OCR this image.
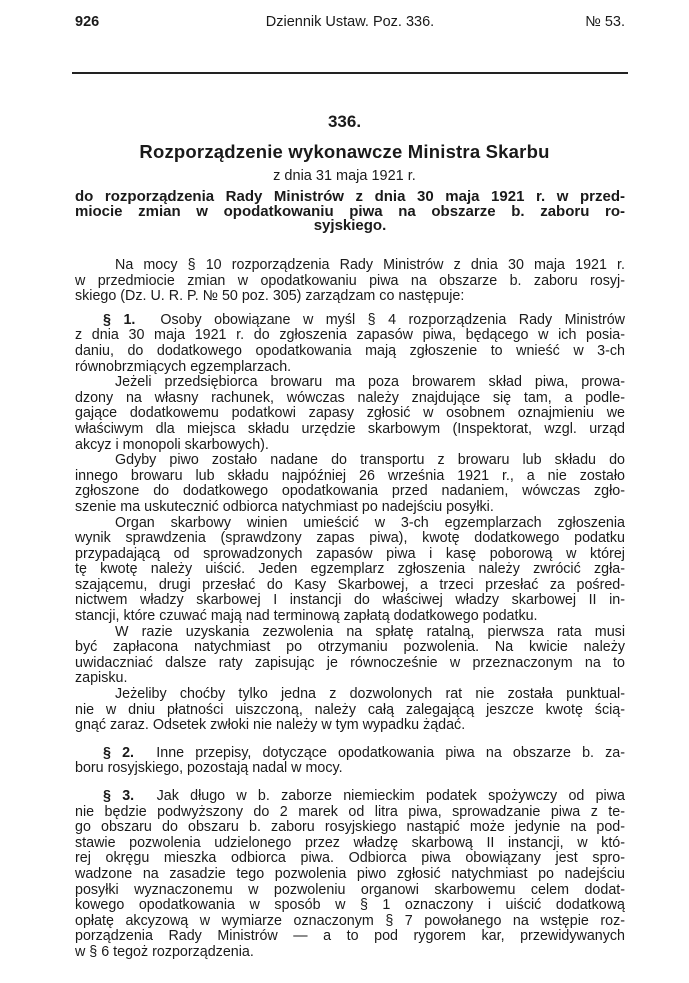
926	Dziennik Ustaw. Poz. 336.	№ 53.
336.
Rozporządzenie wykonawcze Ministra Skarbu
z dnia 31 maja 1921 r.
do rozporządzenia Rady Ministrów z dnia 30 maja 1921 r. w przed-
miocie zmian w opodatkowaniu piwa na obszarze b. zaboru ro-
syjskiego.
Na mocy § 10 rozporządzenia Rady Ministrów z dnia 30 maja 1921 r.
w przedmiocie zmian w opodatkowaniu piwa na obszarze b. zaboru rosyj-
skiego (Dz. U. R. P. № 50 poz. 305) zarządzam co następuje:
§ 1.  Osoby obowiązane w myśl § 4 rozporządzenia Rady Ministrów
z dnia 30 maja 1921 r. do zgłoszenia zapasów piwa, będącego w ich posia-
daniu, do dodatkowego opodatkowania mają zgłoszenie to wnieść w 3-ch
równobrzmiących egzemplarzach.
Jeżeli przedsiębiorca browaru ma poza browarem skład piwa, prowa-
dzony na własny rachunek, wówczas należy znajdujące się tam, a podle-
gające dodatkowemu podatkowi zapasy zgłosić w osobnem oznajmieniu we
właściwym dla miejsca składu urzędzie skarbowym (Inspektorat, wzgl. urząd
akcyz i monopoli skarbowych).
Gdyby piwo zostało nadane do transportu z browaru lub składu do
innego browaru lub składu najpóźniej 26 września 1921 r., a nie zostało
zgłoszone do dodatkowego opodatkowania przed nadaniem, wówczas zgło-
szenie ma uskutecznić odbiorca natychmiast po nadejściu posyłki.
Organ skarbowy winien umieścić w 3-ch egzemplarzach zgłoszenia
wynik sprawdzenia (sprawdzony zapas piwa), kwotę dodatkowego podatku
przypadającą od sprowadzonych zapasów piwa i kasę poborową w której
tę kwotę należy uiścić. Jeden egzemplarz zgłoszenia należy zwrócić zgła-
szającemu, drugi przesłać do Kasy Skarbowej, a trzeci przesłać za pośred-
nictwem władzy skarbowej I instancji do właściwej władzy skarbowej II in-
stancji, które czuwać mają nad terminową zapłatą dodatkowego podatku.
W razie uzyskania zezwolenia na spłatę ratalną, pierwsza rata musi
być zapłacona natychmiast po otrzymaniu pozwolenia. Na kwicie należy
uwidaczniać dalsze raty zapisując je równocześnie w przeznaczonym na to
zapisku.
Jeżeliby choćby tylko jedna z dozwolonych rat nie została punktual-
nie w dniu płatności uiszczoną, należy całą zalegającą jeszcze kwotę ścią-
gnąć zaraz. Odsetek zwłoki nie należy w tym wypadku żądać.
§ 2.  Inne przepisy, dotyczące opodatkowania piwa na obszarze b. za-
boru rosyjskiego, pozostają nadal w mocy.
§ 3.  Jak długo w b. zaborze niemieckim podatek spożywczy od piwa
nie będzie podwyższony do 2 marek od litra piwa, sprowadzanie piwa z te-
go obszaru do obszaru b. zaboru rosyjskiego nastąpić może jedynie na pod-
stawie pozwolenia udzielonego przez władzę skarbową II instancji, w któ-
rej okręgu mieszka odbiorca piwa. Odbiorca piwa obowiązany jest spro-
wadzone na zasadzie tego pozwolenia piwo zgłosić natychmiast po nadejściu
posyłki wyznaczonemu w pozwoleniu organowi skarbowemu celem dodat-
kowego opodatkowania w sposób w § 1 oznaczony i uiścić dodatkową
opłatę akcyzową w wymiarze oznaczonym § 7 powołanego na wstępie roz-
porządzenia Rady Ministrów — a to pod rygorem kar, przewidywanych
w § 6 tegoż rozporządzenia.
